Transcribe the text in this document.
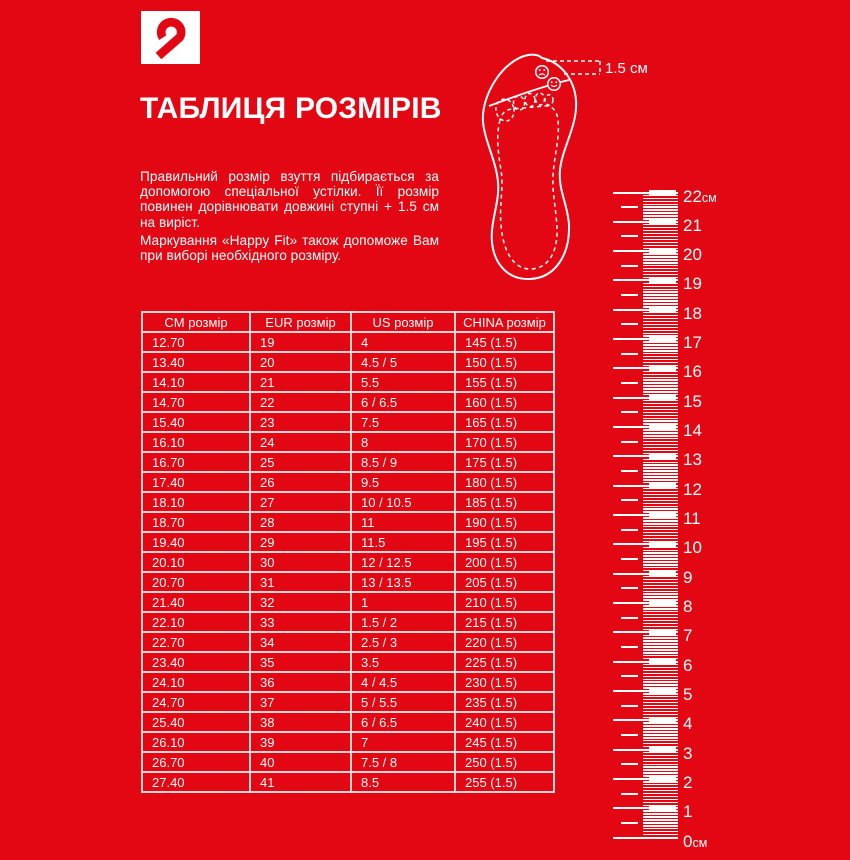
ТАБЛИЦЯ РОЗМІРІВ

Правильний розмір взуття підбирається за допомогою спеціальної устілки. Її розмір повинен дорівнювати довжині ступні + 1.5 см на виріст.

Маркування «Happy Fit» також допоможе Вам при виборі необхідного розміру.

1.5 см
22см
21
20
19
18
17
16
15
14
13
12
11
10
9
8
7
6
5
4
3
2
1
0см
CM розмір	EUR розмір	US розмір	CHINA розмір
12.70	19	4	145 (1.5)
13.40	20	4.5 / 5	150 (1.5)
14.10	21	5.5	155 (1.5)
14.70	22	6 / 6.5	160 (1.5)
15.40	23	7.5	165 (1.5)
16.10	24	8	170 (1.5)
16.70	25	8.5 / 9	175 (1.5)
17.40	26	9.5	180 (1.5)
18.10	27	10 / 10.5	185 (1.5)
18.70	28	11	190 (1.5)
19.40	29	11.5	195 (1.5)
20.10	30	12 / 12.5	200 (1.5)
20.70	31	13 / 13.5	205 (1.5)
21.40	32	1	210 (1.5)
22.10	33	1.5 / 2	215 (1.5)
22.70	34	2.5 / 3	220 (1.5)
23.40	35	3.5	225 (1.5)
24.10	36	4 / 4.5	230 (1.5)
24.70	37	5 / 5.5	235 (1.5)
25.40	38	6 / 6.5	240 (1.5)
26.10	39	7	245 (1.5)
26.70	40	7.5 / 8	250 (1.5)
27.40	41	8.5	255 (1.5)
